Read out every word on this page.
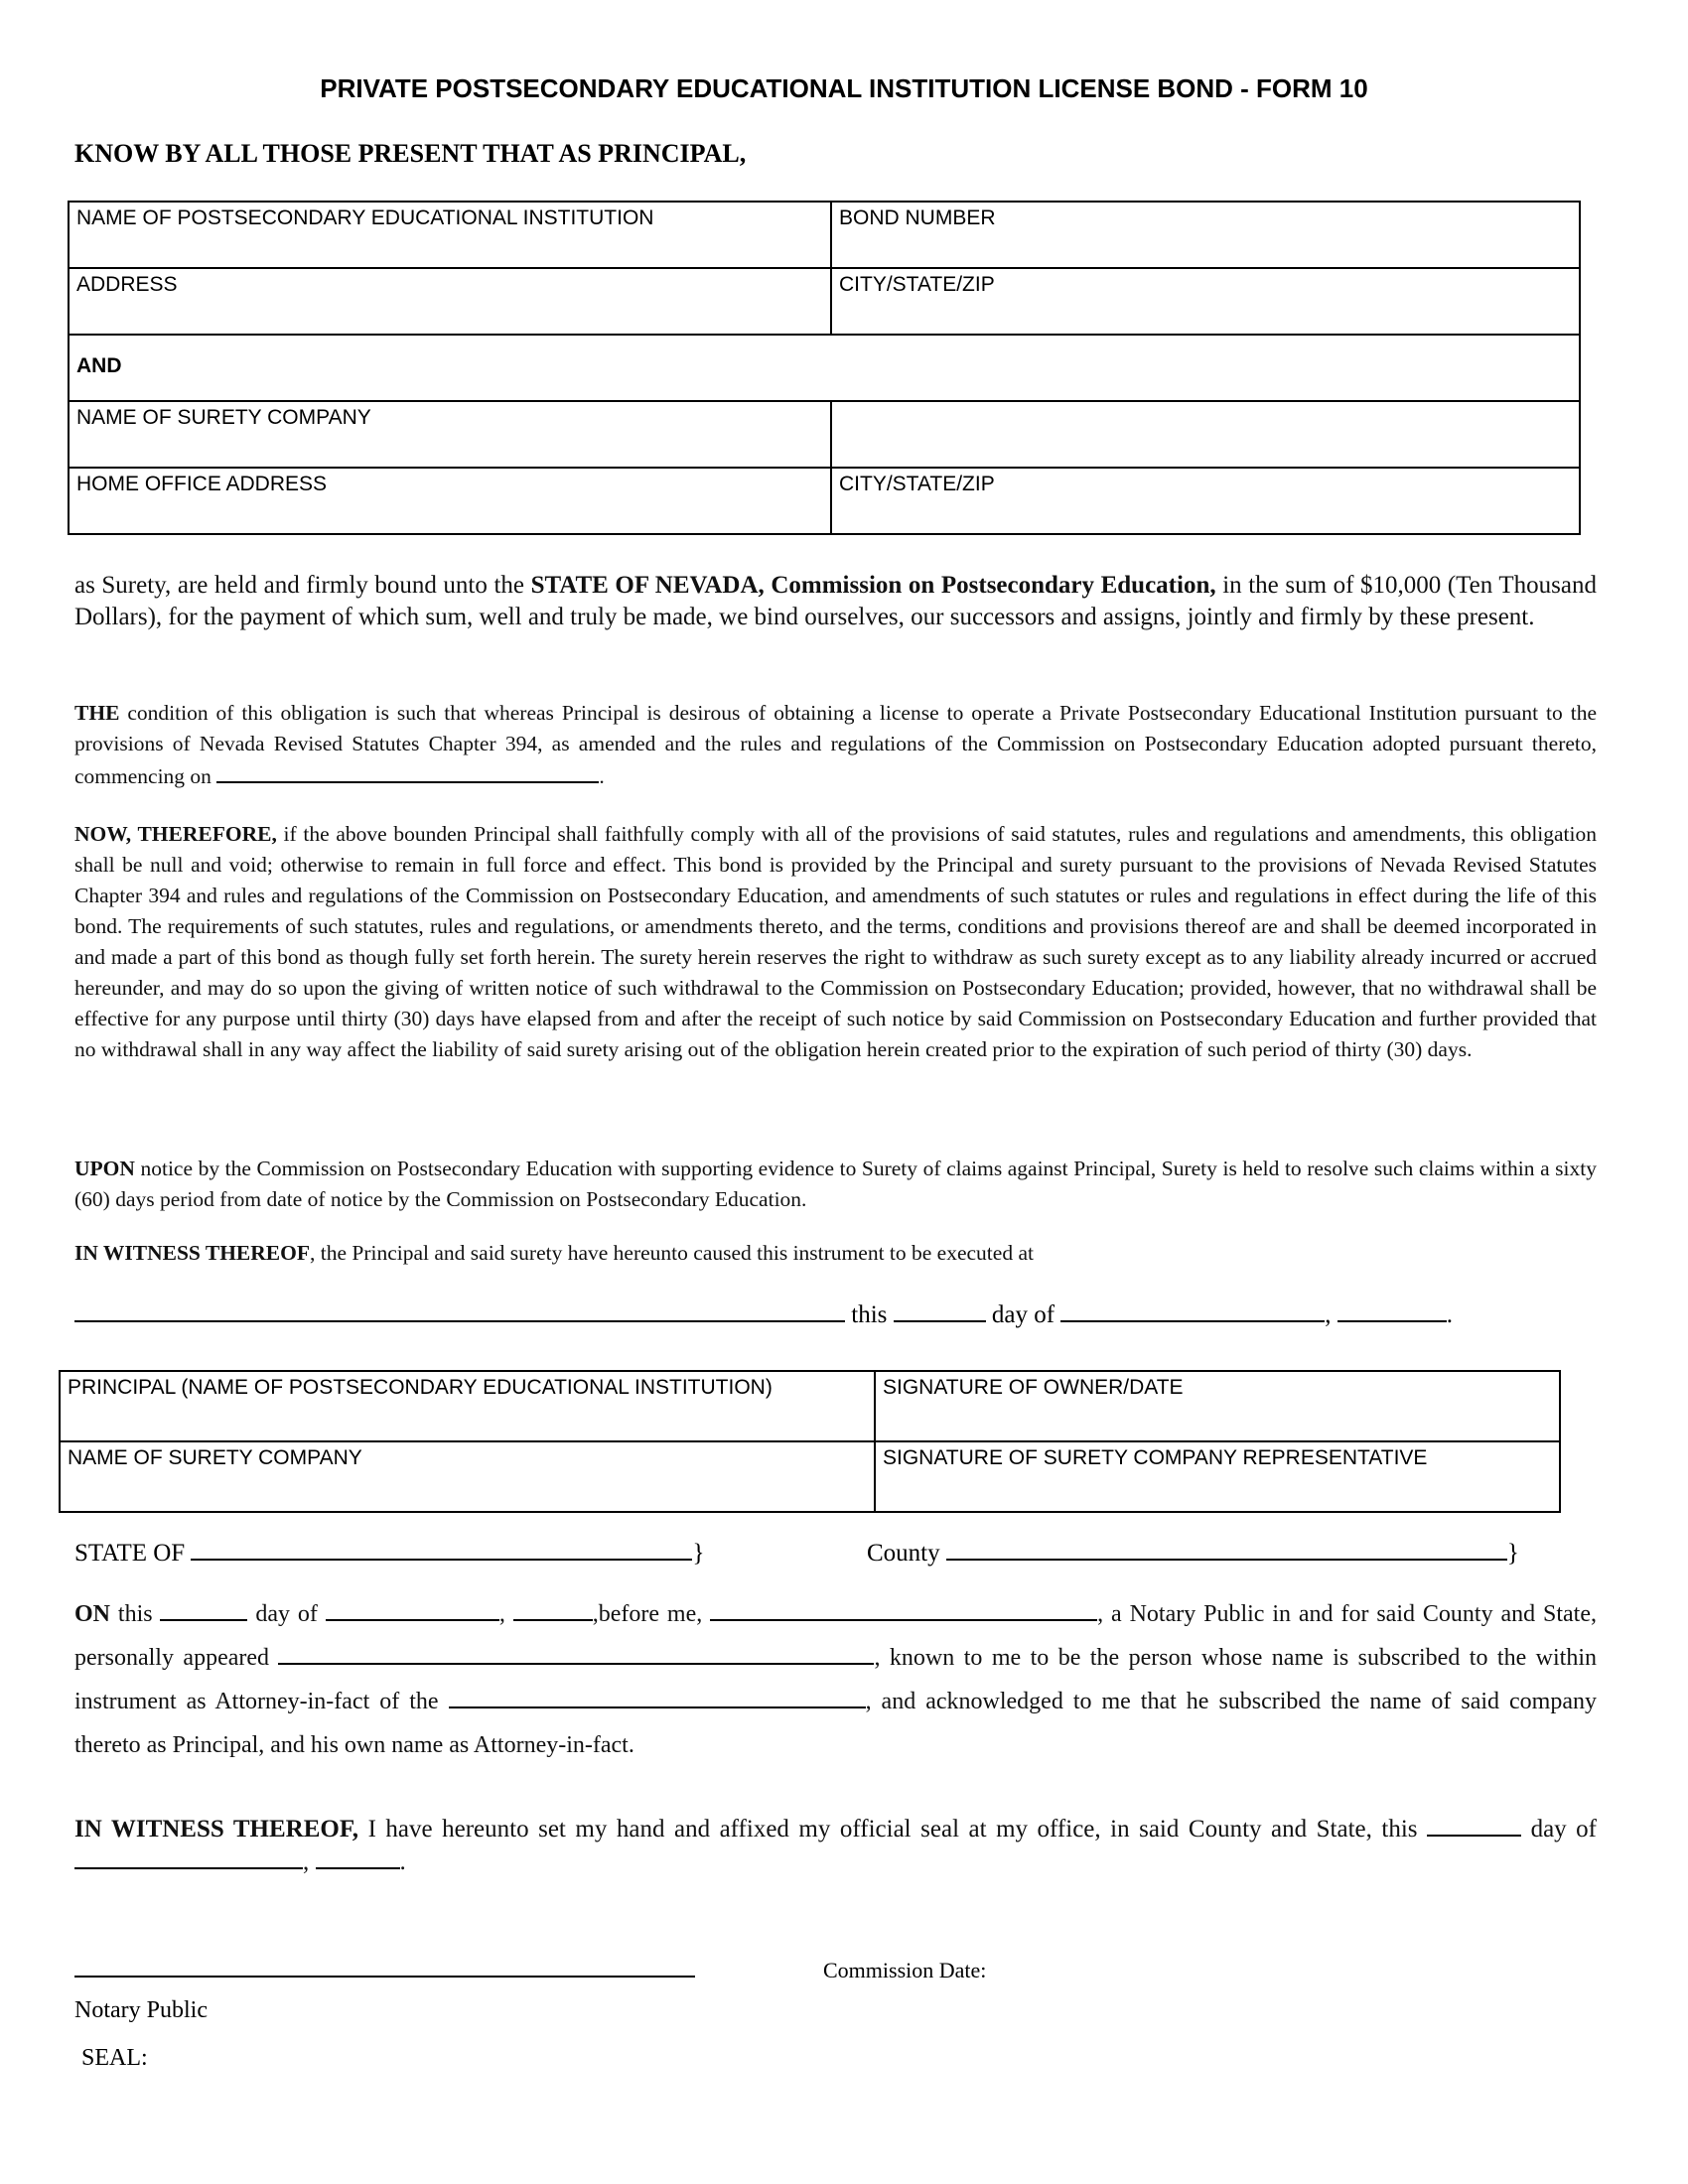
PRIVATE POSTSECONDARY EDUCATIONAL INSTITUTION LICENSE BOND - FORM 10
KNOW BY ALL THOSE PRESENT THAT AS PRINCIPAL,
NAME OF POSTSECONDARY EDUCATIONAL INSTITUTION	BOND NUMBER
ADDRESS	CITY/STATE/ZIP
AND	
NAME OF SURETY COMPANY	
HOME OFFICE ADDRESS	CITY/STATE/ZIP
as Surety, are held and firmly bound unto the STATE OF NEVADA, Commission on Postsecondary Education, in the sum of $10,000 (Ten Thousand Dollars), for the payment of which sum, well and truly be made, we bind ourselves, our successors and assigns, jointly and firmly by these present.
THE condition of this obligation is such that whereas Principal is desirous of obtaining a license to operate a Private Postsecondary Educational Institution pursuant to the provisions of Nevada Revised Statutes Chapter 394, as amended and the rules and regulations of the Commission on Postsecondary Education adopted pursuant thereto, commencing on	.
NOW, THEREFORE, if the above bounden Principal shall faithfully comply with all of the provisions of said statutes, rules and regulations and amendments, this obligation shall be null and void; otherwise to remain in full force and effect. This bond is provided by the Principal and surety pursuant to the provisions of Nevada Revised Statutes Chapter 394 and rules and regulations of the Commission on Postsecondary Education, and amendments of such statutes or rules and regulations in effect during the life of this bond. The requirements of such statutes, rules and regulations, or amendments thereto, and the terms, conditions and provisions thereof are and shall be deemed incorporated in and made a part of this bond as though fully set forth herein. The surety herein reserves the right to withdraw as such surety except as to any liability already incurred or accrued hereunder, and may do so upon the giving of written notice of such withdrawal to the Commission on Postsecondary Education; provided, however, that no withdrawal shall be effective for any purpose until thirty (30) days have elapsed from and after the receipt of such notice by said Commission on Postsecondary Education and further provided that no withdrawal shall in any way affect the liability of said surety arising out of the obligation herein created prior to the expiration of such period of thirty (30) days.
UPON notice by the Commission on Postsecondary Education with supporting evidence to Surety of claims against Principal, Surety is held to resolve such claims within a sixty (60) days period from date of notice by the Commission on Postsecondary Education.
IN WITNESS THEREOF, the Principal and said surety have hereunto caused this instrument to be executed at
this	day of	,	.
PRINCIPAL (NAME OF POSTSECONDARY EDUCATIONAL INSTITUTION)	SIGNATURE OF OWNER/DATE
NAME OF SURETY COMPANY	SIGNATURE OF SURETY COMPANY REPRESENTATIVE
STATE OF	}	County	}
ON this	day of	,	,before me,	, a Notary Public in and for said County and State, personally appeared	, known to me to be the person whose name is subscribed to the within instrument as Attorney-in-fact of the	, and acknowledged to me that he subscribed the name of said company thereto as Principal, and his own name as Attorney-in-fact.
IN WITNESS THEREOF, I have hereunto set my hand and affixed my official seal at my office, in said County and State, this	day of ,	.
Commission Date:
Notary Public
SEAL:
